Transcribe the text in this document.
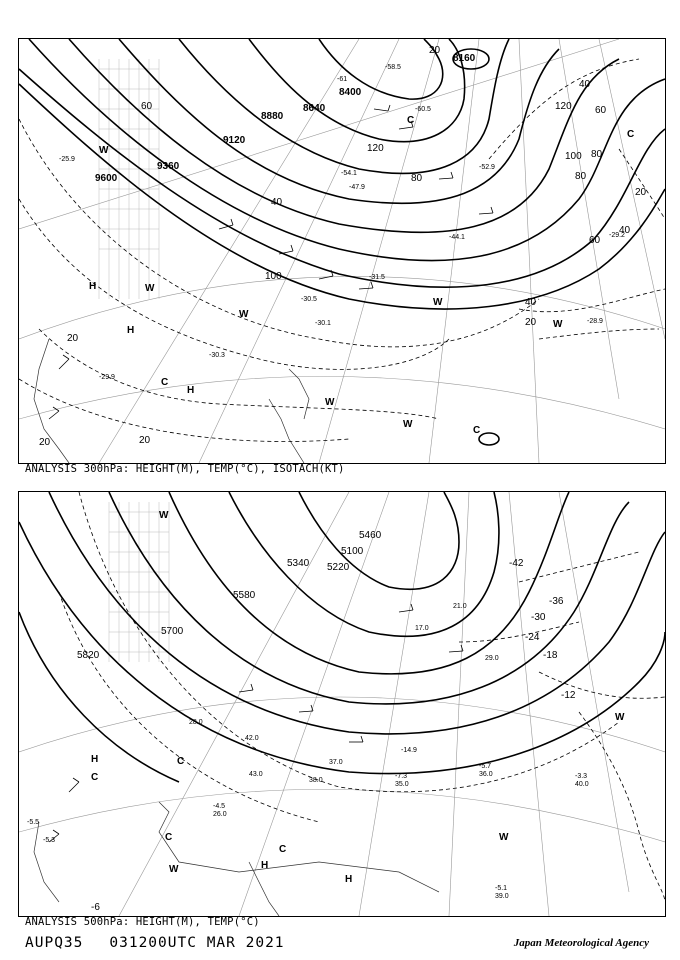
8160
8400
8640
8880
9120
9360
9600
20
40
60
80
100
120
40
60
80
100
120
80
60
40
20
20
40
20
20
20
-29.9
-30.1
-30.3
-30.5
-31.5
-44.1
-47.9
-52.9
-54.1
-58.5
-60.5
-61
-28.9
-25.9
-29.2
H
H
H
W
W
W
W
W
W
C
C
C
C
W
ANALYSIS 300hPa: HEIGHT(M), TEMP(°C), ISOTACH(KT)
5100
5220
5340
5460
5580
5700
5820
-42
-36
-30
-24
-18
-12
-6
-5.7
36.0
-7.3
35.0
-14.9
-3.3
40.0
-5.1
39.0
-4.5
26.0
-5.5
-5.3
42.0
43.0
37.0
38.0
17.0
28.0
21.0
29.0
H
H
H
C
C
C
C
W
W
W
W
ANALYSIS 500hPa: HEIGHT(M), TEMP(°C)
AUPQ35 031200UTC MAR 2021	Japan Meteorological Agency
